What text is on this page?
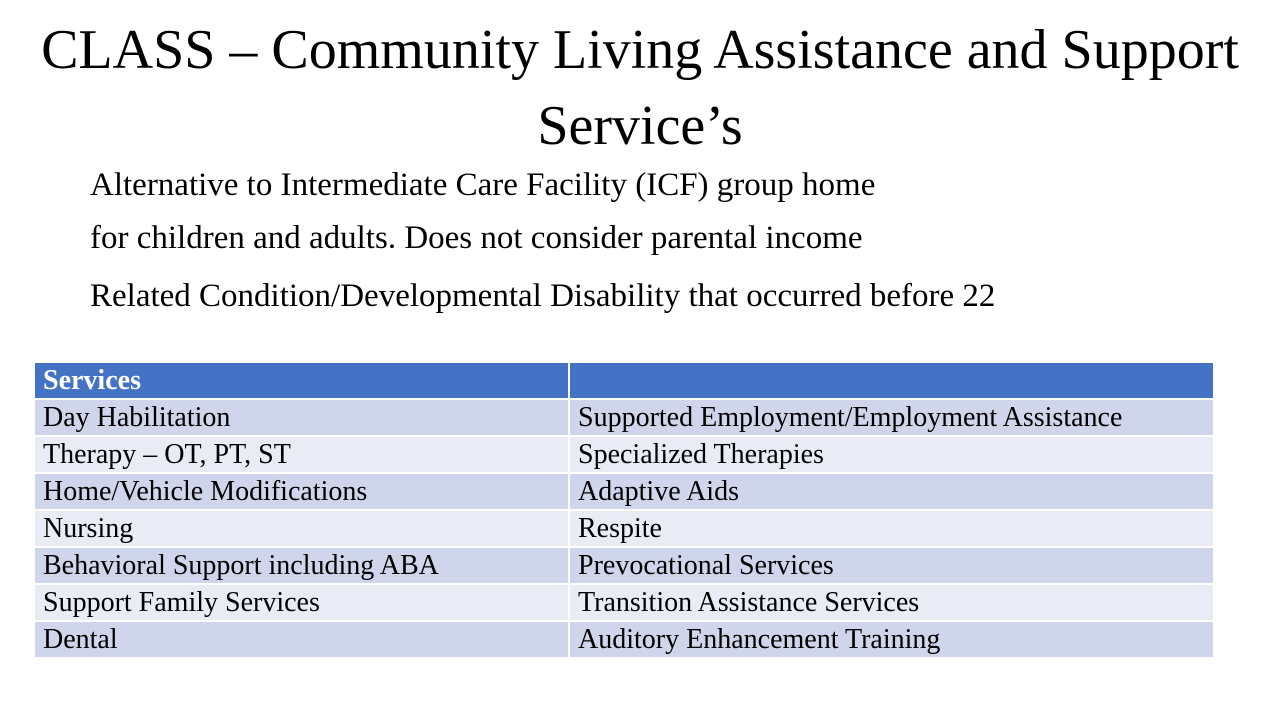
CLASS – Community Living Assistance and Support Service’s

Alternative to Intermediate Care Facility (ICF) group home

for children and adults. Does not consider parental income

Related Condition/Developmental Disability that occurred before 22

Services	
Day Habilitation	Supported Employment/Employment Assistance
Therapy – OT, PT, ST	Specialized Therapies
Home/Vehicle Modifications	Adaptive Aids
Nursing	Respite
Behavioral Support including ABA	Prevocational Services
Support Family Services	Transition Assistance Services
Dental	Auditory Enhancement Training
